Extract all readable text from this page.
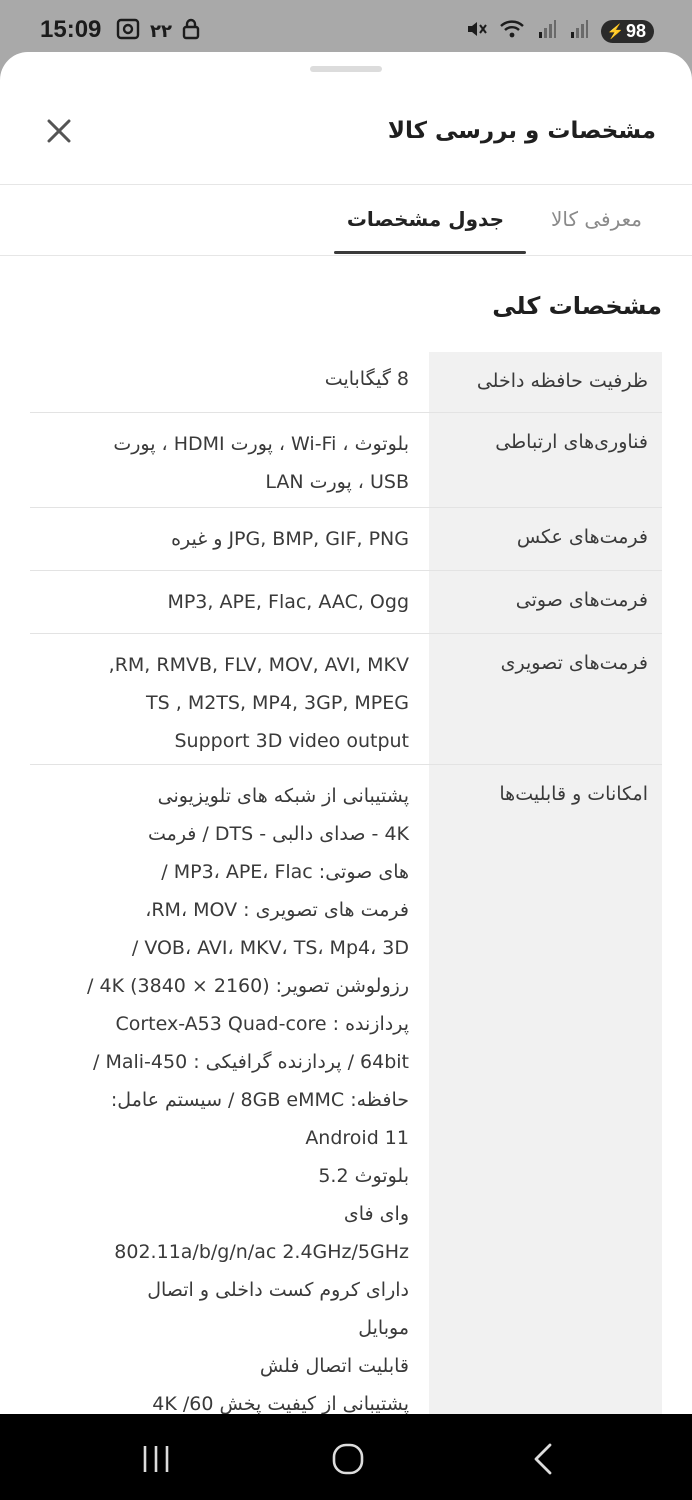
15:09	۲۲	⚡ 98
مشخصات و بررسی کالا
معرفی کالا
جدول مشخصات
مشخصات کلی
ظرفیت حافظه داخلی
8 گیگابایت
فناوری‌های ارتباطی
بلوتوث ، Wi-Fi ، پورت HDMI ، پورت
USB ، پورت LAN
فرمت‌های عکس
JPG, BMP, GIF, PNG و غیره
فرمت‌های صوتی
MP3, APE, Flac, AAC, Ogg
فرمت‌های تصویری
RM, RMVB, FLV, MOV, AVI, MKV,
TS , M2TS, MP4, 3GP, MPEG
Support 3D video output
امکانات و قابلیت‌ها
پشتیبانی از شبکه های تلویزیونی
4K - صدای دالبی - DTS / فرمت
های صوتی: MP3، APE، Flac /
فرمت های تصویری : RM، MOV،
VOB، AVI، MKV، TS، Mp4، 3D /
رزولوشن تصویر: (2160 × 3840) 4K /
پردازنده : Cortex-A53 Quad-core
64bit / پردازنده گرافیکی : Mali-450 /
حافظه: 8GB eMMC / سیستم عامل:
Android 11
بلوتوث 5.2
وای فای
802.11a/b/g/n/ac 2.4GHz/5GHz
دارای کروم کست داخلی و اتصال
موبایل
قابلیت اتصال فلش
پشتیبانی از کیفیت پخش 60/ 4K
